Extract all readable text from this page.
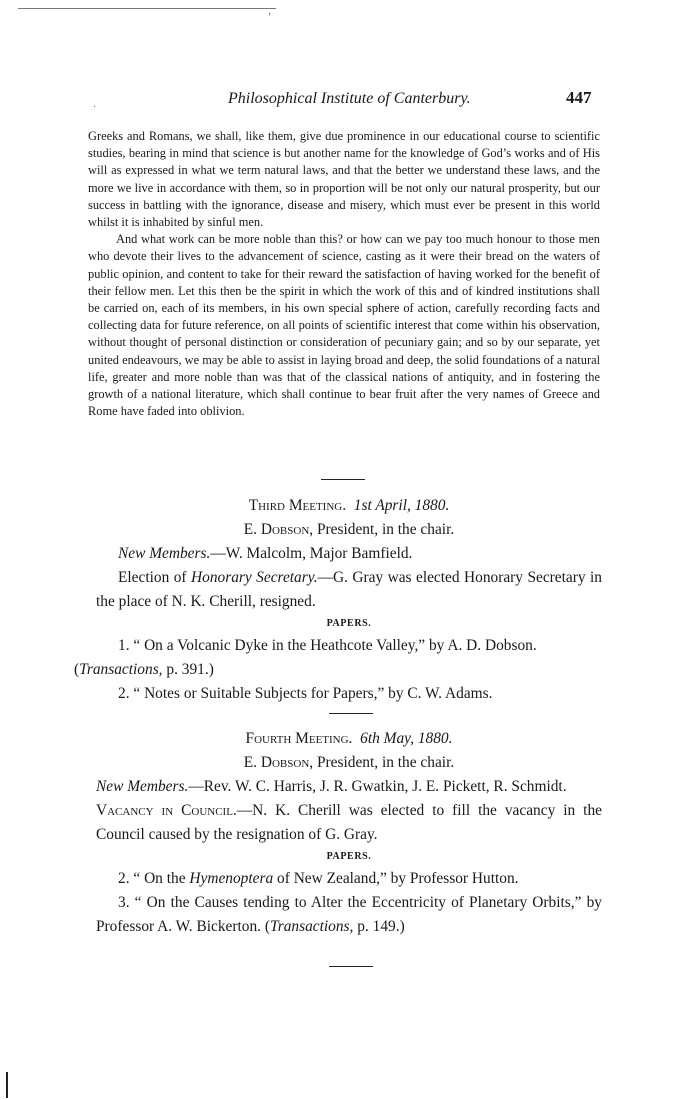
’
·
Philosophical Institute of Canterbury.	447

Greeks and Romans, we shall, like them, give due prominence in our educational course to scientific studies, bearing in mind that science is but another name for the knowledge of God’s works and of His will as expressed in what we term natural laws, and that the better we understand these laws, and the more we live in accordance with them, so in proportion will be not only our natural prosperity, but our success in battling with the ignorance, disease and misery, which must ever be present in this world whilst it is inhabited by sinful men.

And what work can be more noble than this? or how can we pay too much honour to those men who devote their lives to the advancement of science, casting as it were their bread on the waters of public opinion, and content to take for their reward the satisfaction of having worked for the benefit of their fellow men. Let this then be the spirit in which the work of this and of kindred institutions shall be carried on, each of its members, in his own special sphere of action, carefully recording facts and collecting data for future reference, on all points of scientific interest that come within his observation, without thought of personal distinction or consideration of pecuniary gain; and so by our separate, yet united endeavours, we may be able to assist in laying broad and deep, the solid foundations of a natural life, greater and more noble than was that of the classical nations of antiquity, and in fostering the growth of a national literature, which shall continue to bear fruit after the very names of Greece and Rome have faded into oblivion.

Third Meeting. 1st April, 1880.
E. Dobson, President, in the chair.
New Members.—W. Malcolm, Major Bamfield.
Election of Honorary Secretary.—G. Gray was elected Honorary Secretary in the place of N. K. Cherill, resigned.
PAPERS.
1. “ On a Volcanic Dyke in the Heathcote Valley,” by A. D. Dobson.
(Transactions, p. 391.)
2. “ Notes or Suitable Subjects for Papers,” by C. W. Adams.
Fourth Meeting. 6th May, 1880.
E. Dobson, President, in the chair.
New Members.—Rev. W. C. Harris, J. R. Gwatkin, J. E. Pickett, R. Schmidt.
Vacancy in Council.—N. K. Cherill was elected to fill the vacancy in the Council caused by the resignation of G. Gray.
PAPERS.
2. “ On the Hymenoptera of New Zealand,” by Professor Hutton.
3. “ On the Causes tending to Alter the Eccentricity of Planetary Orbits,” by Professor A. W. Bickerton. (Transactions, p. 149.)
